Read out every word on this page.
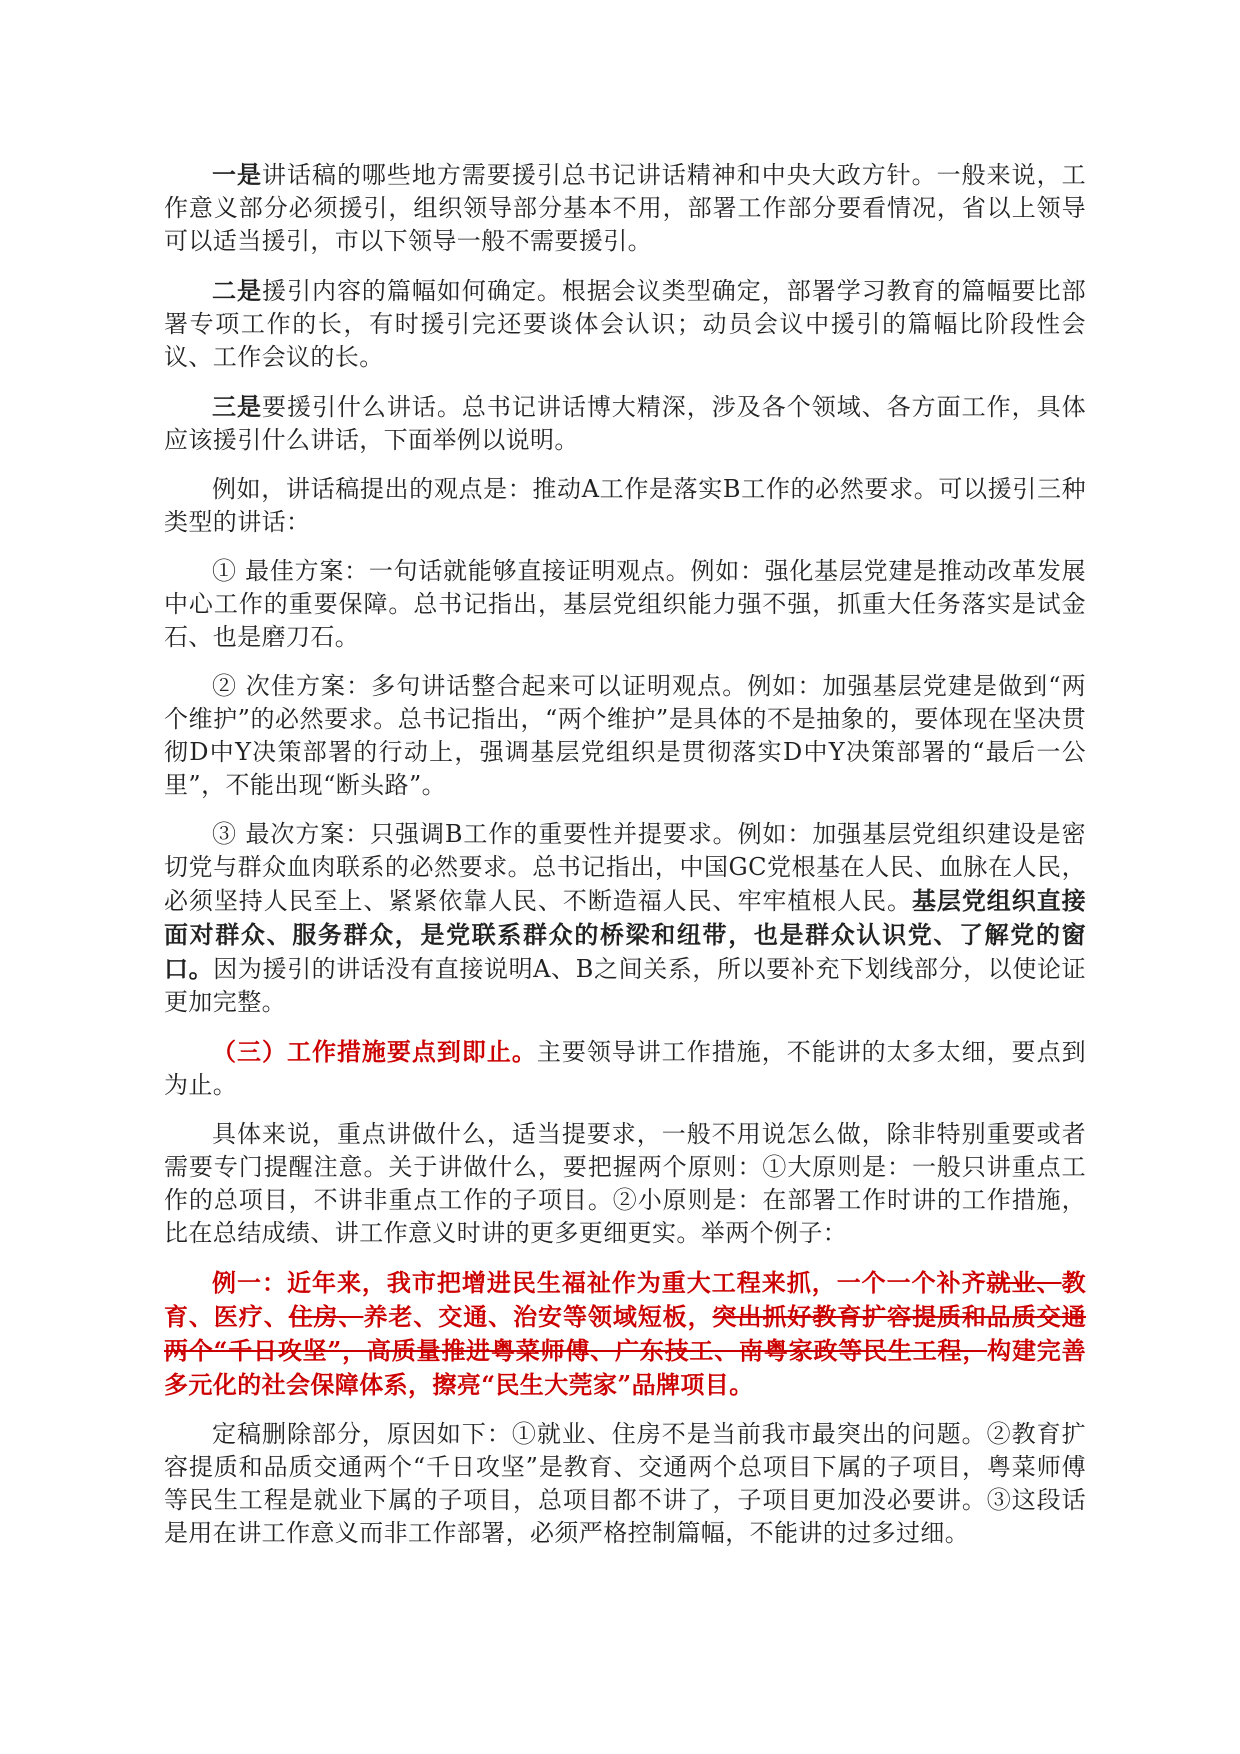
一是讲话稿的哪些地方需要援引总书记讲话精神和中央大政方针。一般来说，工作意义部分必须援引，组织领导部分基本不用，部署工作部分要看情况，省以上领导可以适当援引，市以下领导一般不需要援引。

二是援引内容的篇幅如何确定。根据会议类型确定，部署学习教育的篇幅要比部署专项工作的长，有时援引完还要谈体会认识；动员会议中援引的篇幅比阶段性会议、工作会议的长。

三是要援引什么讲话。总书记讲话博大精深，涉及各个领域、各方面工作，具体应该援引什么讲话，下面举例以说明。

例如，讲话稿提出的观点是：推动A工作是落实B工作的必然要求。可以援引三种类型的讲话：

① 最佳方案：一句话就能够直接证明观点。例如：强化基层党建是推动改革发展中心工作的重要保障。总书记指出，基层党组织能力强不强，抓重大任务落实是试金石、也是磨刀石。

② 次佳方案：多句讲话整合起来可以证明观点。例如：加强基层党建是做到“两个维护”的必然要求。总书记指出，“两个维护”是具体的不是抽象的，要体现在坚决贯彻D中Y决策部署的行动上，强调基层党组织是贯彻落实D中Y决策部署的“最后一公里”，不能出现“断头路”。

③ 最次方案：只强调B工作的重要性并提要求。例如：加强基层党组织建设是密切党与群众血肉联系的必然要求。总书记指出，中国GC党根基在人民、血脉在人民，必须坚持人民至上、紧紧依靠人民、不断造福人民、牢牢植根人民。基层党组织直接面对群众、服务群众，是党联系群众的桥梁和纽带，也是群众认识党、了解党的窗口。因为援引的讲话没有直接说明A、B之间关系，所以要补充下划线部分，以使论证更加完整。

（三）工作措施要点到即止。主要领导讲工作措施，不能讲的太多太细，要点到为止。

具体来说，重点讲做什么，适当提要求，一般不用说怎么做，除非特别重要或者需要专门提醒注意。关于讲做什么，要把握两个原则：①大原则是：一般只讲重点工作的总项目，不讲非重点工作的子项目。②小原则是：在部署工作时讲的工作措施，比在总结成绩、讲工作意义时讲的更多更细更实。举两个例子：

例一：近年来，我市把增进民生福祉作为重大工程来抓，一个一个补齐就业、教育、医疗、住房、养老、交通、治安等领域短板，突出抓好教育扩容提质和品质交通两个“千日攻坚”，高质量推进粤菜师傅、广东技工、南粤家政等民生工程，构建完善多元化的社会保障体系，擦亮“民生大莞家”品牌项目。

定稿删除部分，原因如下：①就业、住房不是当前我市最突出的问题。②教育扩容提质和品质交通两个“千日攻坚”是教育、交通两个总项目下属的子项目，粤菜师傅等民生工程是就业下属的子项目，总项目都不讲了，子项目更加没必要讲。③这段话是用在讲工作意义而非工作部署，必须严格控制篇幅，不能讲的过多过细。
